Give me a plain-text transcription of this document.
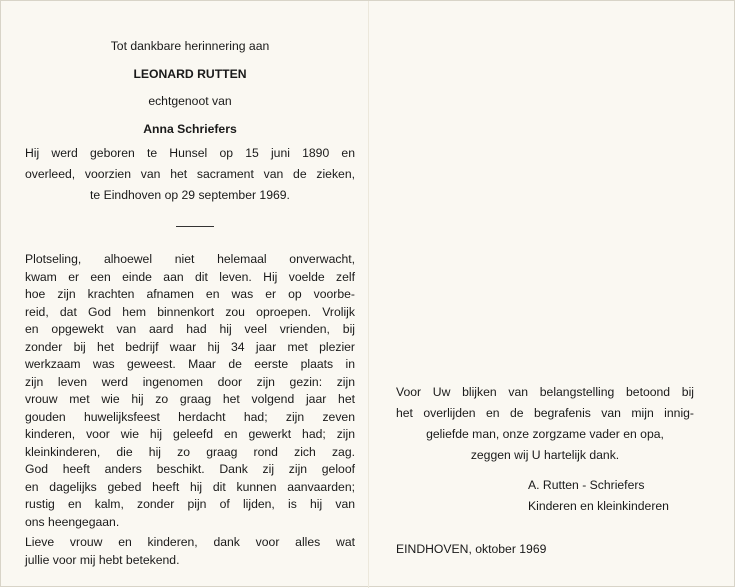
Tot dankbare herinnering aan
LEONARD RUTTEN
echtgenoot van
Anna Schriefers
Hij werd geboren te Hunsel op 15 juni 1890 en
overleed, voorzien van het sacrament van de zieken,
te Eindhoven op 29 september 1969.
Plotseling, alhoewel niet helemaal onverwacht,
kwam er een einde aan dit leven. Hij voelde zelf
hoe zijn krachten afnamen en was er op voorbe-
reid, dat God hem binnenkort zou oproepen. Vrolijk
en opgewekt van aard had hij veel vrienden, bij
zonder bij het bedrijf waar hij 34 jaar met plezier
werkzaam was geweest. Maar de eerste plaats in
zijn leven werd ingenomen door zijn gezin: zijn
vrouw met wie hij zo graag het volgend jaar het
gouden huwelijksfeest herdacht had; zijn zeven
kinderen, voor wie hij geleefd en gewerkt had; zijn
kleinkinderen, die hij zo graag rond zich zag.
God heeft anders beschikt. Dank zij zijn geloof
en dagelijks gebed heeft hij dit kunnen aanvaarden;
rustig en kalm, zonder pijn of lijden, is hij van
ons heengegaan.
Lieve vrouw en kinderen, dank voor alles wat
jullie voor mij hebt betekend.
Voor Uw blijken van belangstelling betoond bij
het overlijden en de begrafenis van mijn innig-
geliefde man, onze zorgzame vader en opa,
zeggen wij U hartelijk dank.
A. Rutten - Schriefers
Kinderen en kleinkinderen
EINDHOVEN, oktober 1969
